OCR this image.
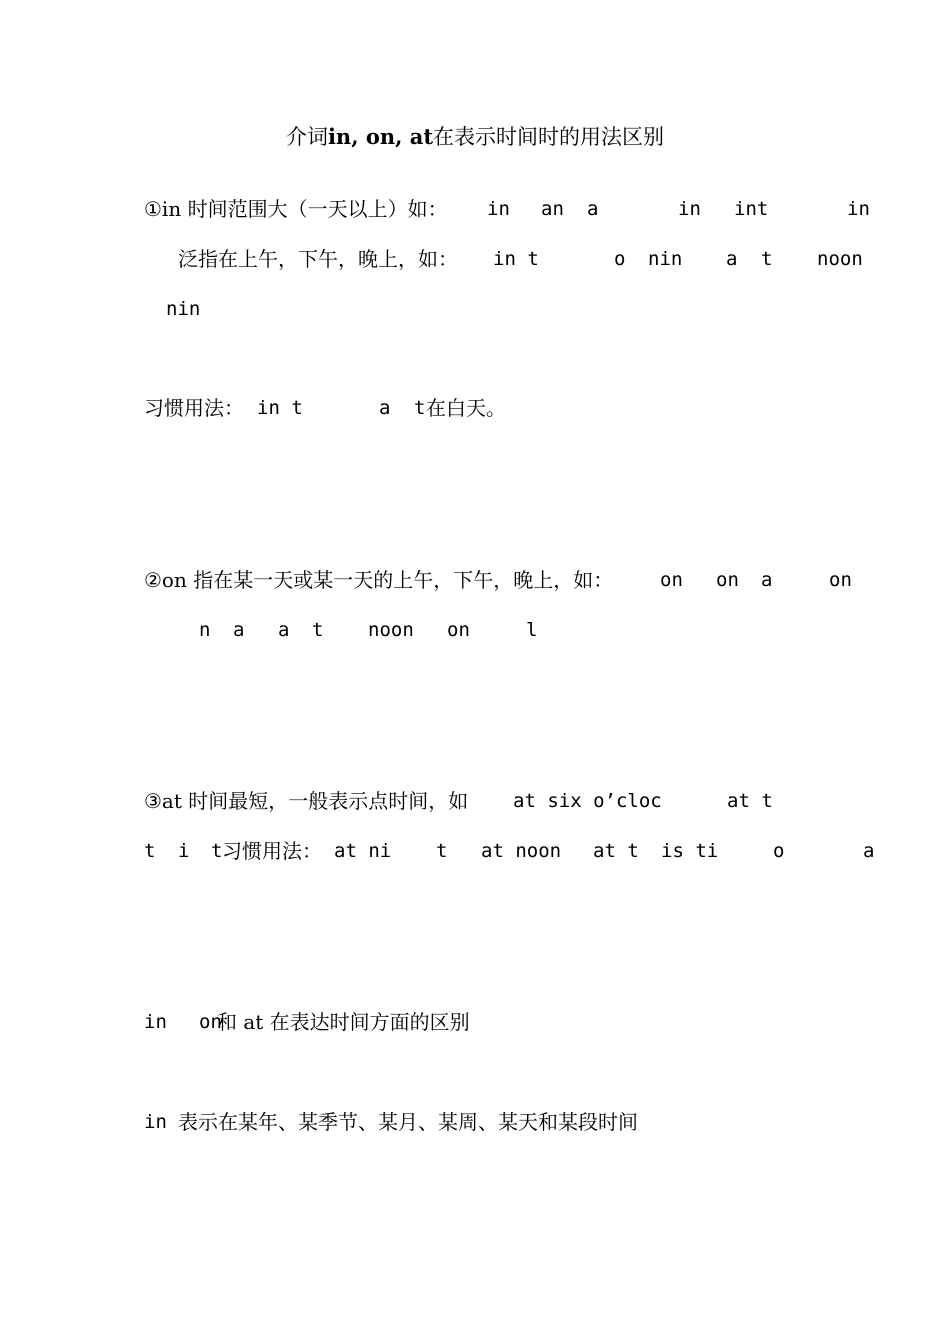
介词in, on, at在表示时间时的用法区别
①in 时间范围大（一天以上）如： in an a	in int	in
泛指在上午，下午，晚上，如： in t	o nin a t noon
nin
习惯用法： in t	a t 在白天。
②on 指在某一天或某一天的上午，下午，晚上，如： on on a	on
n a a t noon on	l
③at 时间最短，一般表示点时间，如 at six o’cloc	at t
t i t 习惯用法： at ni t at noon at t is ti	o	a
in on
和 at 在表达时间方面的区别
in 表示在某年、某季节、某月、某周、某天和某段时间
